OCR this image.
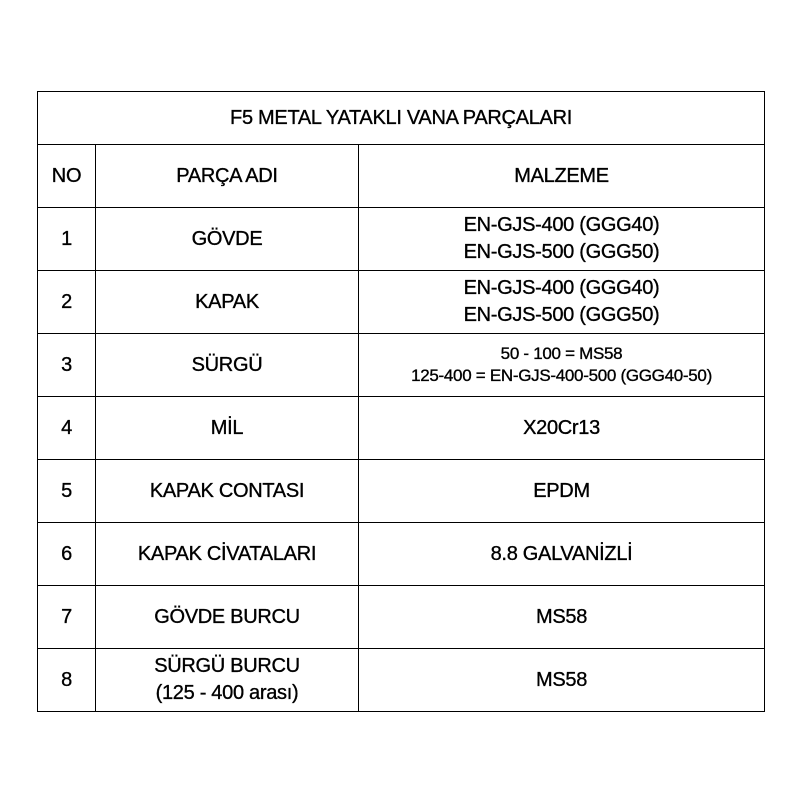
F5 METAL YATAKLI VANA PARÇALARI		
NO	PARÇA ADI	MALZEME
1	GÖVDE	EN-GJS-400 (GGG40)
EN-GJS-500 (GGG50)

2	KAPAK	EN-GJS-400 (GGG40)
EN-GJS-500 (GGG50)

3	SÜRGÜ	50 - 100 = MS58
125-400 = EN-GJS-400-500 (GGG40-50)

4	MİL	X20Cr13
5	KAPAK CONTASI	EPDM
6	KAPAK CİVATALARI	8.8 GALVANİZLİ
7	GÖVDE BURCU	MS58
8	SÜRGÜ BURCU
(125 - 400 arası)	MS58
